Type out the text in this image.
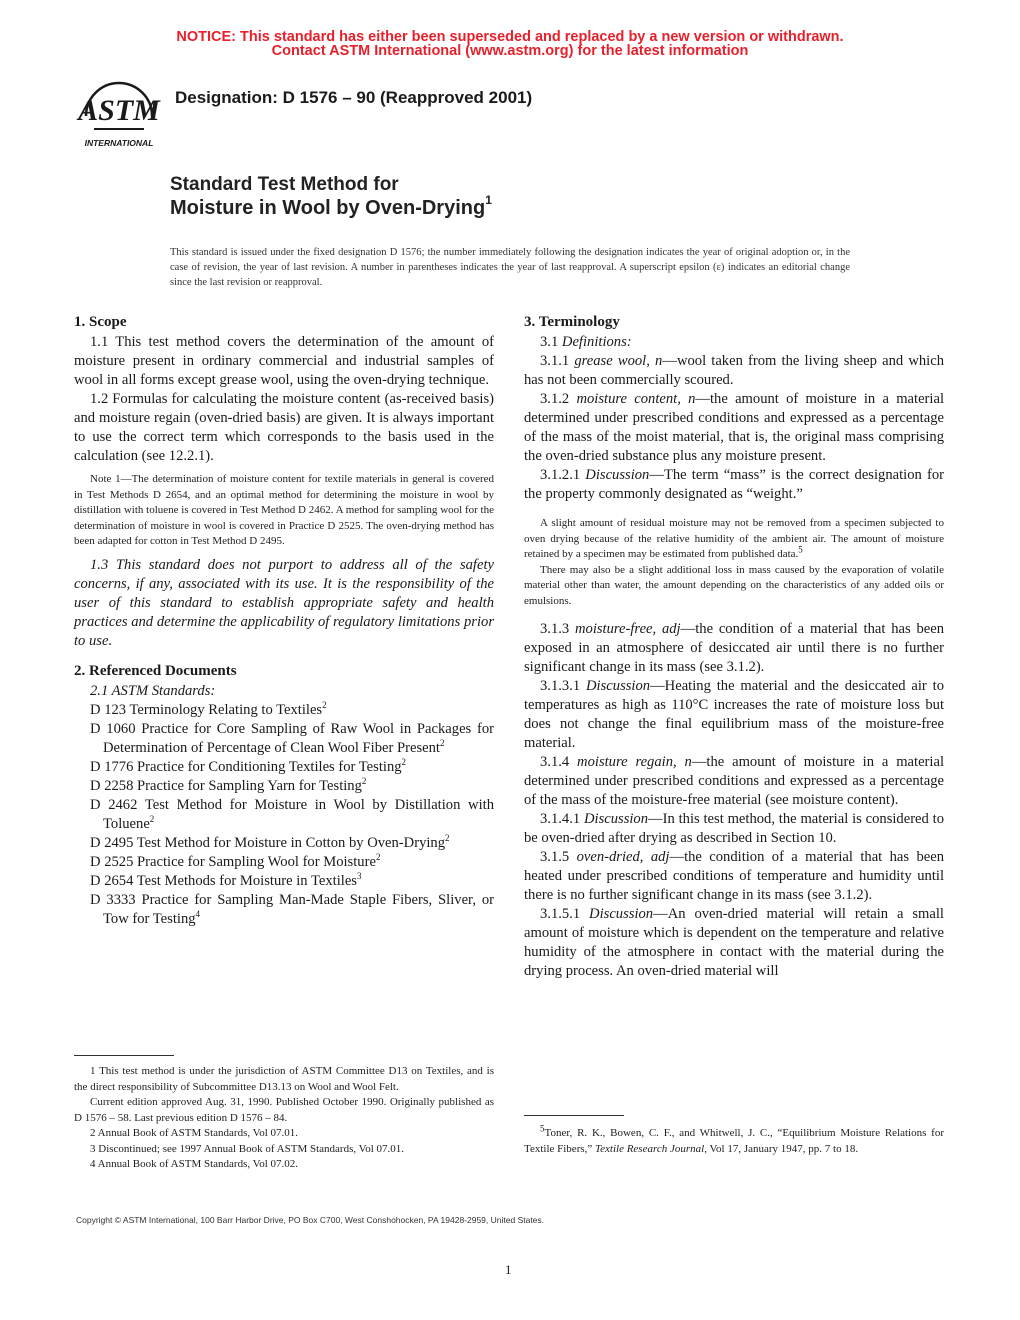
NOTICE: This standard has either been superseded and replaced by a new version or withdrawn.
Contact ASTM International (www.astm.org) for the latest information
ASTM
INTERNATIONAL
Designation: D 1576 – 90 (Reapproved 2001)
Standard Test Method for
Moisture in Wool by Oven-Drying$^1$
This standard is issued under the fixed designation D 1576; the number immediately following the designation indicates the year of original adoption or, in the case of revision, the year of last revision. A number in parentheses indicates the year of last reapproval. A superscript epsilon (ε) indicates an editorial change since the last revision or reapproval.

1. Scope

1.1 This test method covers the determination of the amount of moisture present in ordinary commercial and industrial samples of wool in all forms except grease wool, using the oven-drying technique.

1.2 Formulas for calculating the moisture content (as-received basis) and moisture regain (oven-dried basis) are given. It is always important to use the correct term which corresponds to the basis used in the calculation (see 12.2.1).

Note 1—The determination of moisture content for textile materials in general is covered in Test Methods D 2654, and an optimal method for determining the moisture in wool by distillation with toluene is covered in Test Method D 2462. A method for sampling wool for the determination of moisture in wool is covered in Practice D 2525. The oven-drying method has been adapted for cotton in Test Method D 2495.

1.3 This standard does not purport to address all of the safety concerns, if any, associated with its use. It is the responsibility of the user of this standard to establish appropriate safety and health practices and determine the applicability of regulatory limitations prior to use.

2. Referenced Documents

2.1 ASTM Standards:

D 123 Terminology Relating to Textiles$^2$

D 1060 Practice for Core Sampling of Raw Wool in Packages for Determination of Percentage of Clean Wool Fiber Present$^2$

D 1776 Practice for Conditioning Textiles for Testing$^2$

D 2258 Practice for Sampling Yarn for Testing$^2$

D 2462 Test Method for Moisture in Wool by Distillation with Toluene$^2$

D 2495 Test Method for Moisture in Cotton by Oven-Drying$^2$

D 2525 Practice for Sampling Wool for Moisture$^2$

D 2654 Test Methods for Moisture in Textiles$^3$

D 3333 Practice for Sampling Man-Made Staple Fibers, Sliver, or Tow for Testing$^4$

1 This test method is under the jurisdiction of ASTM Committee D13 on Textiles, and is the direct responsibility of Subcommittee D13.13 on Wool and Wool Felt.

Current edition approved Aug. 31, 1990. Published October 1990. Originally published as D 1576 – 58. Last previous edition D 1576 – 84.

2 Annual Book of ASTM Standards, Vol 07.01.

3 Discontinued; see 1997 Annual Book of ASTM Standards, Vol 07.01.

4 Annual Book of ASTM Standards, Vol 07.02.

3. Terminology

3.1 Definitions:

3.1.1 grease wool, n—wool taken from the living sheep and which has not been commercially scoured.

3.1.2 moisture content, n—the amount of moisture in a material determined under prescribed conditions and expressed as a percentage of the mass of the moist material, that is, the original mass comprising the oven-dried substance plus any moisture present.

3.1.2.1 Discussion—The term “mass” is the correct designation for the property commonly designated as “weight.”

A slight amount of residual moisture may not be removed from a specimen subjected to oven drying because of the relative humidity of the ambient air. The amount of moisture retained by a specimen may be estimated from published data.$^5$

There may also be a slight additional loss in mass caused by the evaporation of volatile material other than water, the amount depending on the characteristics of any added oils or emulsions.

3.1.3 moisture-free, adj—the condition of a material that has been exposed in an atmosphere of desiccated air until there is no further significant change in its mass (see 3.1.2).

3.1.3.1 Discussion—Heating the material and the desiccated air to temperatures as high as 110°C increases the rate of moisture loss but does not change the final equilibrium mass of the moisture-free material.

3.1.4 moisture regain, n—the amount of moisture in a material determined under prescribed conditions and expressed as a percentage of the mass of the moisture-free material (see moisture content).

3.1.4.1 Discussion—In this test method, the material is considered to be oven-dried after drying as described in Section 10.

3.1.5 oven-dried, adj—the condition of a material that has been heated under prescribed conditions of temperature and humidity until there is no further significant change in its mass (see 3.1.2).

3.1.5.1 Discussion—An oven-dried material will retain a small amount of moisture which is dependent on the temperature and relative humidity of the atmosphere in contact with the material during the drying process. An oven-dried material will

$^5$Toner, R. K., Bowen, C. F., and Whitwell, J. C., “Equilibrium Moisture Relations for Textile Fibers,” Textile Research Journal, Vol 17, January 1947, pp. 7 to 18.

Copyright © ASTM International, 100 Barr Harbor Drive, PO Box C700, West Conshohocken, PA 19428-2959, United States.
1
